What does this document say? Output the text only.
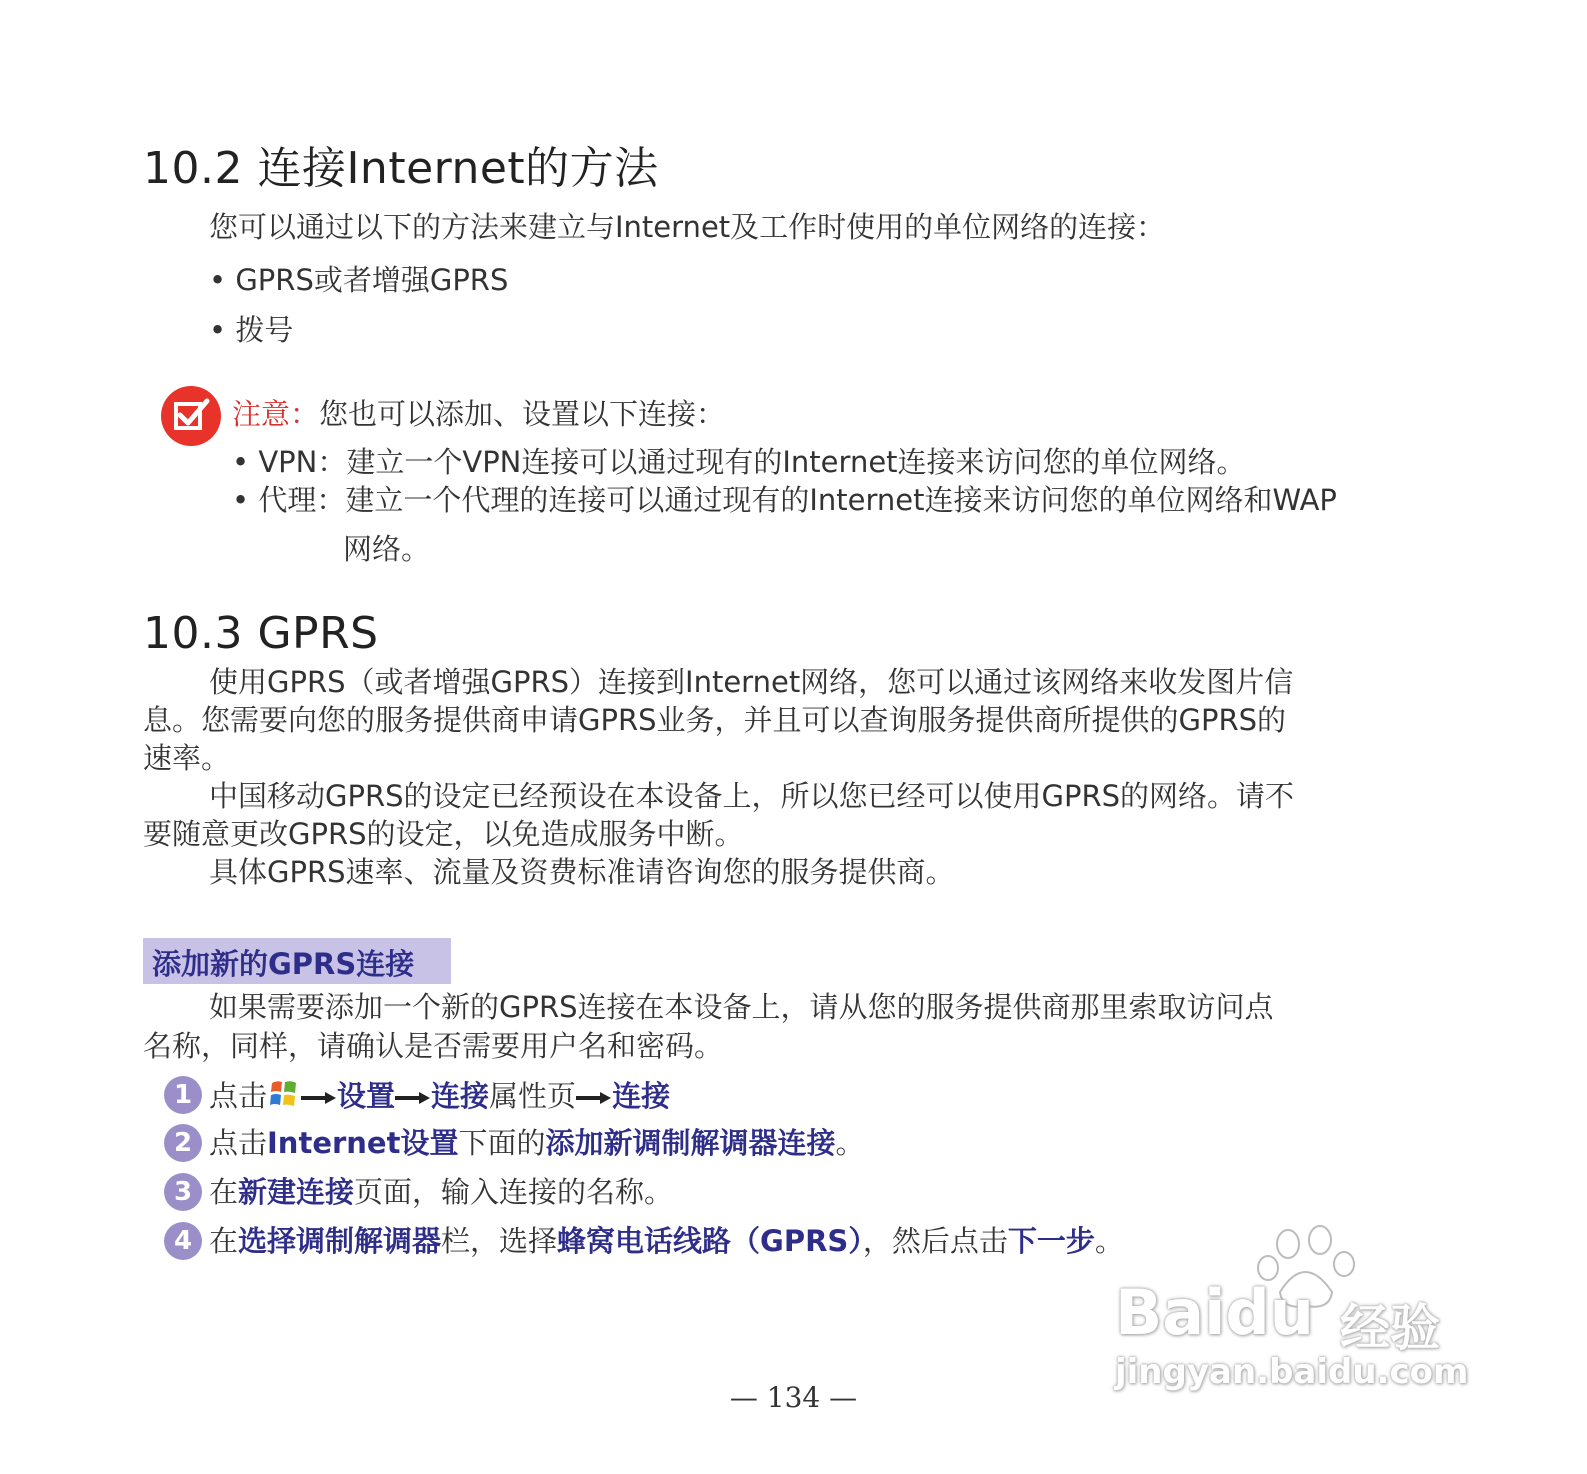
10.2 连接Internet的方法
您可以通过以下的方法来建立与Internet及工作时使用的单位网络的连接：
• GPRS或者增强GPRS
• 拨号
注意：您也可以添加、设置以下连接：
• VPN：建立一个VPN连接可以通过现有的Internet连接来访问您的单位网络。
• 代理：建立一个代理的连接可以通过现有的Internet连接来访问您的单位网络和WAP
网络。
10.3 GPRS
使用GPRS（或者增强GPRS）连接到Internet网络，您可以通过该网络来收发图片信
息。您需要向您的服务提供商申请GPRS业务，并且可以查询服务提供商所提供的GPRS的
速率。
中国移动GPRS的设定已经预设在本设备上，所以您已经可以使用GPRS的网络。请不
要随意更改GPRS的设定，以免造成服务中断。
具体GPRS速率、流量及资费标准请咨询您的服务提供商。
添加新的GPRS连接
如果需要添加一个新的GPRS连接在本设备上，请从您的服务提供商那里索取访问点
名称，同样，请确认是否需要用户名和密码。
1 点击 设置 连接属性页 连接
2 点击Internet设置下面的添加新调制解调器连接。
3 在新建连接页面，输入连接的名称。
4 在选择调制解调器栏，选择蜂窝电话线路（GPRS），然后点击下一步。
Baidu 经验
jingyan.baidu.com
— 134 —
